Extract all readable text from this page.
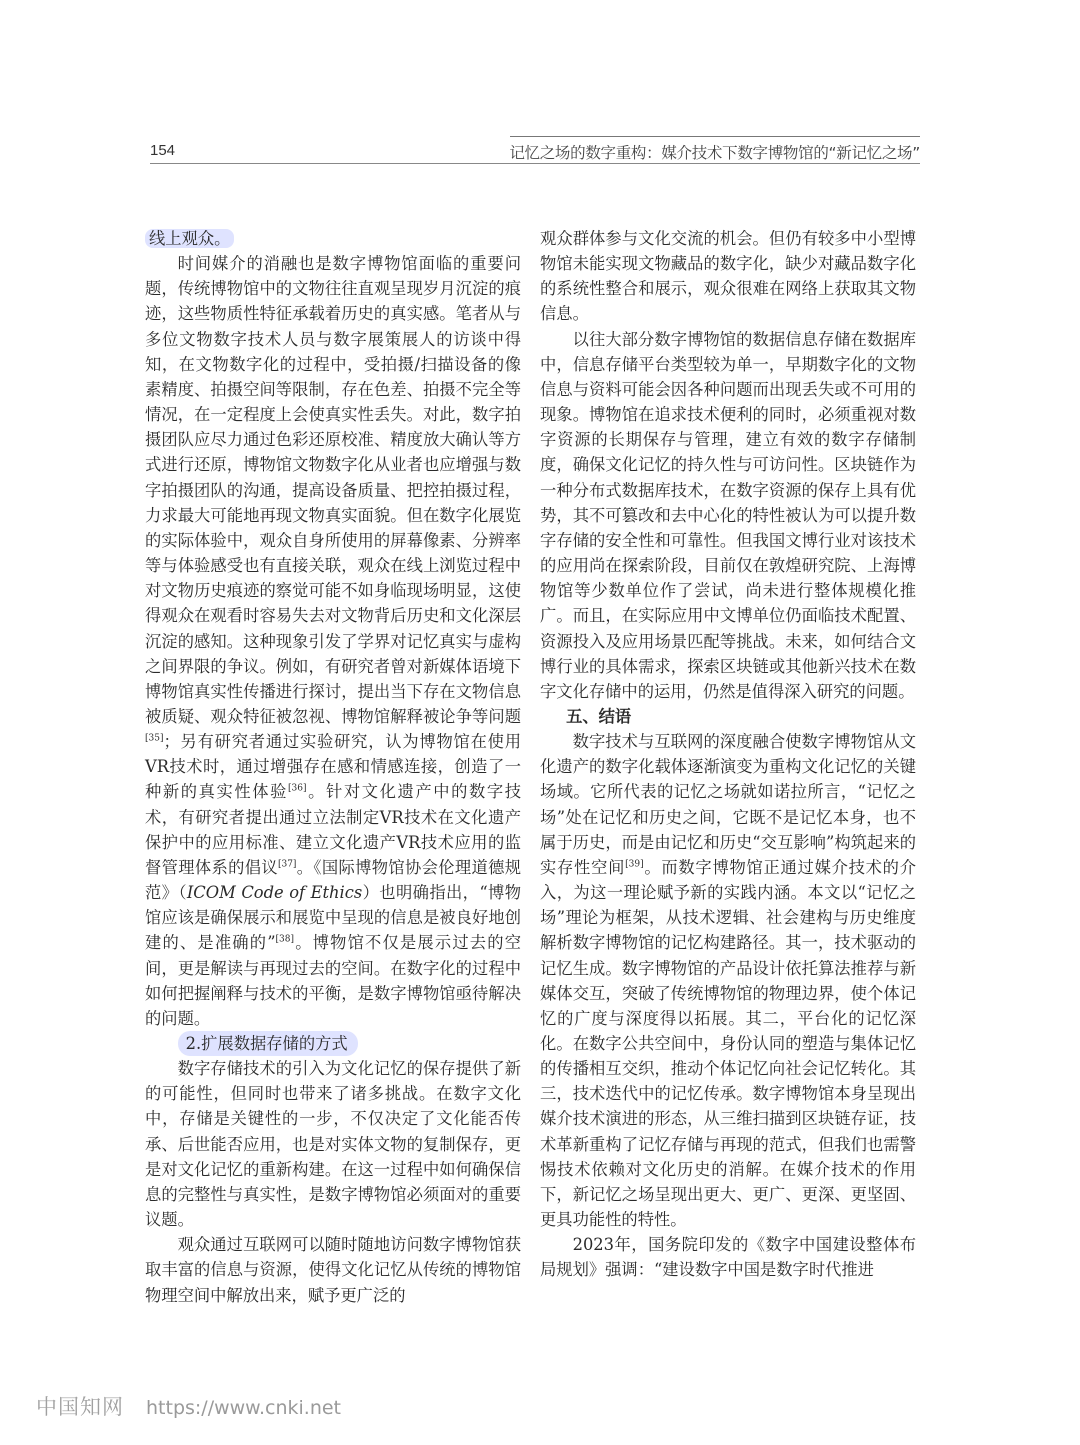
154	记忆之场的数字重构：媒介技术下数字博物馆的“新记忆之场”

线上观众。

时间媒介的消融也是数字博物馆面临的重要问题，传统博物馆中的文物往往直观呈现岁月沉淀的痕迹，这些物质性特征承载着历史的真实感。笔者从与多位文物数字技术人员与数字展策展人的访谈中得知，在文物数字化的过程中，受拍摄/扫描设备的像素精度、拍摄空间等限制，存在色差、拍摄不完全等情况，在一定程度上会使真实性丢失。对此，数字拍摄团队应尽力通过色彩还原校准、精度放大确认等方式进行还原，博物馆文物数字化从业者也应增强与数字拍摄团队的沟通，提高设备质量、把控拍摄过程，力求最大可能地再现文物真实面貌。但在数字化展览的实际体验中，观众自身所使用的屏幕像素、分辨率等与体验感受也有直接关联，观众在线上浏览过程中对文物历史痕迹的察觉可能不如身临现场明显，这使得观众在观看时容易失去对文物背后历史和文化深层沉淀的感知。这种现象引发了学界对记忆真实与虚构之间界限的争议。例如，有研究者曾对新媒体语境下博物馆真实性传播进行探讨，提出当下存在文物信息被质疑、观众特征被忽视、博物馆解释被论争等问题[35]；另有研究者通过实验研究，认为博物馆在使用VR技术时，通过增强存在感和情感连接，创造了一种新的真实性体验[36]。针对文化遗产中的数字技术，有研究者提出通过立法制定VR技术在文化遗产保护中的应用标准、建立文化遗产VR技术应用的监督管理体系的倡议[37]。《国际博物馆协会伦理道德规范》（ICOM Code of Ethics）也明确指出，“博物馆应该是确保展示和展览中呈现的信息是被良好地创建的、是准确的”[38]。博物馆不仅是展示过去的空间，更是解读与再现过去的空间。在数字化的过程中如何把握阐释与技术的平衡，是数字博物馆亟待解决的问题。

2.扩展数据存储的方式

数字存储技术的引入为文化记忆的保存提供了新的可能性，但同时也带来了诸多挑战。在数字文化中，存储是关键性的一步，不仅决定了文化能否传承、后世能否应用，也是对实体文物的复制保存，更是对文化记忆的重新构建。在这一过程中如何确保信息的完整性与真实性，是数字博物馆必须面对的重要议题。

观众通过互联网可以随时随地访问数字博物馆获取丰富的信息与资源，使得文化记忆从传统的博物馆物理空间中解放出来，赋予更广泛的

观众群体参与文化交流的机会。但仍有较多中小型博物馆未能实现文物藏品的数字化，缺少对藏品数字化的系统性整合和展示，观众很难在网络上获取其文物信息。

以往大部分数字博物馆的数据信息存储在数据库中，信息存储平台类型较为单一，早期数字化的文物信息与资料可能会因各种问题而出现丢失或不可用的现象。博物馆在追求技术便利的同时，必须重视对数字资源的长期保存与管理，建立有效的数字存储制度，确保文化记忆的持久性与可访问性。区块链作为一种分布式数据库技术，在数字资源的保存上具有优势，其不可篡改和去中心化的特性被认为可以提升数字存储的安全性和可靠性。但我国文博行业对该技术的应用尚在探索阶段，目前仅在敦煌研究院、上海博物馆等少数单位作了尝试，尚未进行整体规模化推广。而且，在实际应用中文博单位仍面临技术配置、资源投入及应用场景匹配等挑战。未来，如何结合文博行业的具体需求，探索区块链或其他新兴技术在数字文化存储中的运用，仍然是值得深入研究的问题。

五、结语

数字技术与互联网的深度融合使数字博物馆从文化遗产的数字化载体逐渐演变为重构文化记忆的关键场域。它所代表的记忆之场就如诺拉所言，“记忆之场”处在记忆和历史之间，它既不是记忆本身，也不属于历史，而是由记忆和历史“交互影响”构筑起来的实存性空间[39]。而数字博物馆正通过媒介技术的介入，为这一理论赋予新的实践内涵。本文以“记忆之场”理论为框架，从技术逻辑、社会建构与历史维度解析数字博物馆的记忆构建路径。其一，技术驱动的记忆生成。数字博物馆的产品设计依托算法推荐与新媒体交互，突破了传统博物馆的物理边界，使个体记忆的广度与深度得以拓展。其二，平台化的记忆深化。在数字公共空间中，身份认同的塑造与集体记忆的传播相互交织，推动个体记忆向社会记忆转化。其三，技术迭代中的记忆传承。数字博物馆本身呈现出媒介技术演进的形态，从三维扫描到区块链存证，技术革新重构了记忆存储与再现的范式，但我们也需警惕技术依赖对文化历史的消解。在媒介技术的作用下，新记忆之场呈现出更大、更广、更深、更坚固、更具功能性的特性。

2023年，国务院印发的《数字中国建设整体布局规划》强调：“建设数字中国是数字时代推进

中国知网 https://www.cnki.net
